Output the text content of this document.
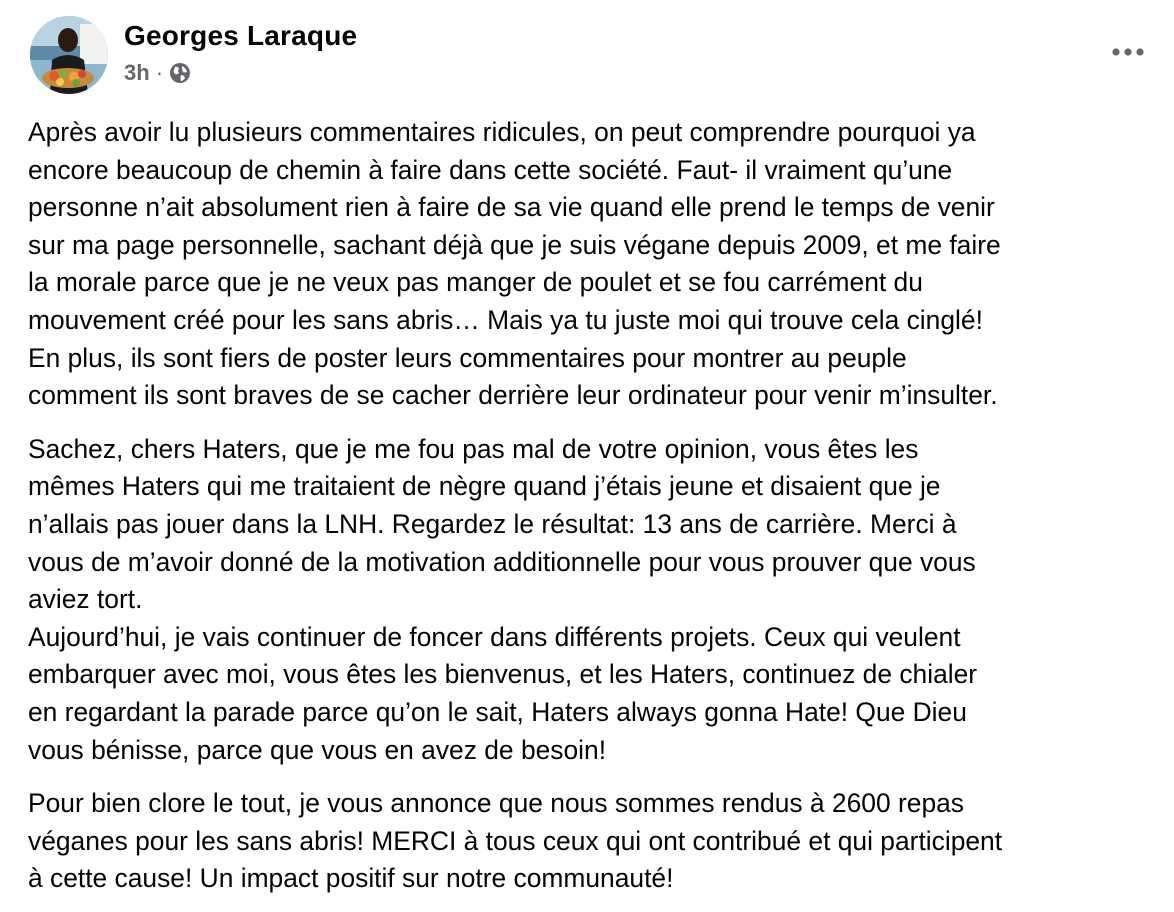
Georges Laraque
3h ·

Après avoir lu plusieurs commentaires ridicules, on peut comprendre pourquoi ya
encore beaucoup de chemin à faire dans cette société. Faut- il vraiment qu’une
personne n’ait absolument rien à faire de sa vie quand elle prend le temps de venir
sur ma page personnelle, sachant déjà que je suis végane depuis 2009, et me faire
la morale parce que je ne veux pas manger de poulet et se fou carrément du
mouvement créé pour les sans abris… Mais ya tu juste moi qui trouve cela cinglé!
En plus, ils sont fiers de poster leurs commentaires pour montrer au peuple
comment ils sont braves de se cacher derrière leur ordinateur pour venir m’insulter.

Sachez, chers Haters, que je me fou pas mal de votre opinion, vous êtes les
mêmes Haters qui me traitaient de nègre quand j’étais jeune et disaient que je
n’allais pas jouer dans la LNH. Regardez le résultat: 13 ans de carrière. Merci à
vous de m’avoir donné de la motivation additionnelle pour vous prouver que vous
aviez tort.

Aujourd’hui, je vais continuer de foncer dans différents projets. Ceux qui veulent
embarquer avec moi, vous êtes les bienvenus, et les Haters, continuez de chialer
en regardant la parade parce qu’on le sait, Haters always gonna Hate! Que Dieu
vous bénisse, parce que vous en avez de besoin!

Pour bien clore le tout, je vous annonce que nous sommes rendus à 2600 repas
véganes pour les sans abris! MERCI à tous ceux qui ont contribué et qui participent
à cette cause! Un impact positif sur notre communauté!
